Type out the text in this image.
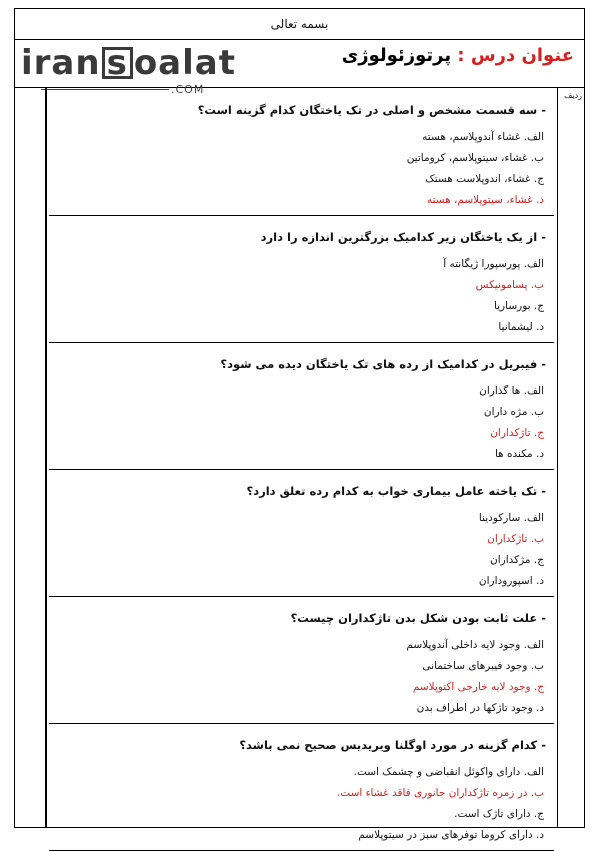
بسمه تعالی
iran s oalat
.COM
عنوان درس : پرتوزئولوژی
ردیف
- سه قسمت مشخص و اصلی در تک یاختگان کدام گزینه است؟
الف. غشاء آندوپلاسم، هسته
ب. غشاء، سیتوپلاسم، کروماتین
ج. غشاء، اندوپلاست هستک
د. غشاء، سیتوپلاسم، هسته
- از یک یاختگان زیر کدامیک بزرگترین اندازه را دارد
الف. پورسپورا ژیگانته آ
ب. پسامونیکس
ج. بورساریا
د. لیشمانیا
- فیبریل در کدامیک از رده های تک یاختگان دیده می شود؟
الف. ها گذاران
ب. مژه داران
ج. تاژکداران
د. مکنده ها
- تک یاخته عامل بیماری خواب به کدام رده تعلق دارد؟
الف. سارکودینا
ب. تاژکداران
ج. مژکداران
د. اسپوروداران
- علت ثابت بودن شکل بدن تاژکداران چیست؟
الف. وجود لایه داخلی آندوپلاسم
ب. وجود فیبرهای ساختمانی
ج. وجود لایه خارجی اکتوپلاسم
د. وجود تاژکها در اطراف بدن
- کدام گزینه در مورد اوگلنا ویریدیس صحیح نمی باشد؟
الف. دارای واکوئل انقباضی و چشمک است.
ب. در زمره تاژکداران جانوری فاقد غشاء است.
ج. دارای تاژک است.
د. دارای کروما توفرهای سبز در سیتوپلاسم
